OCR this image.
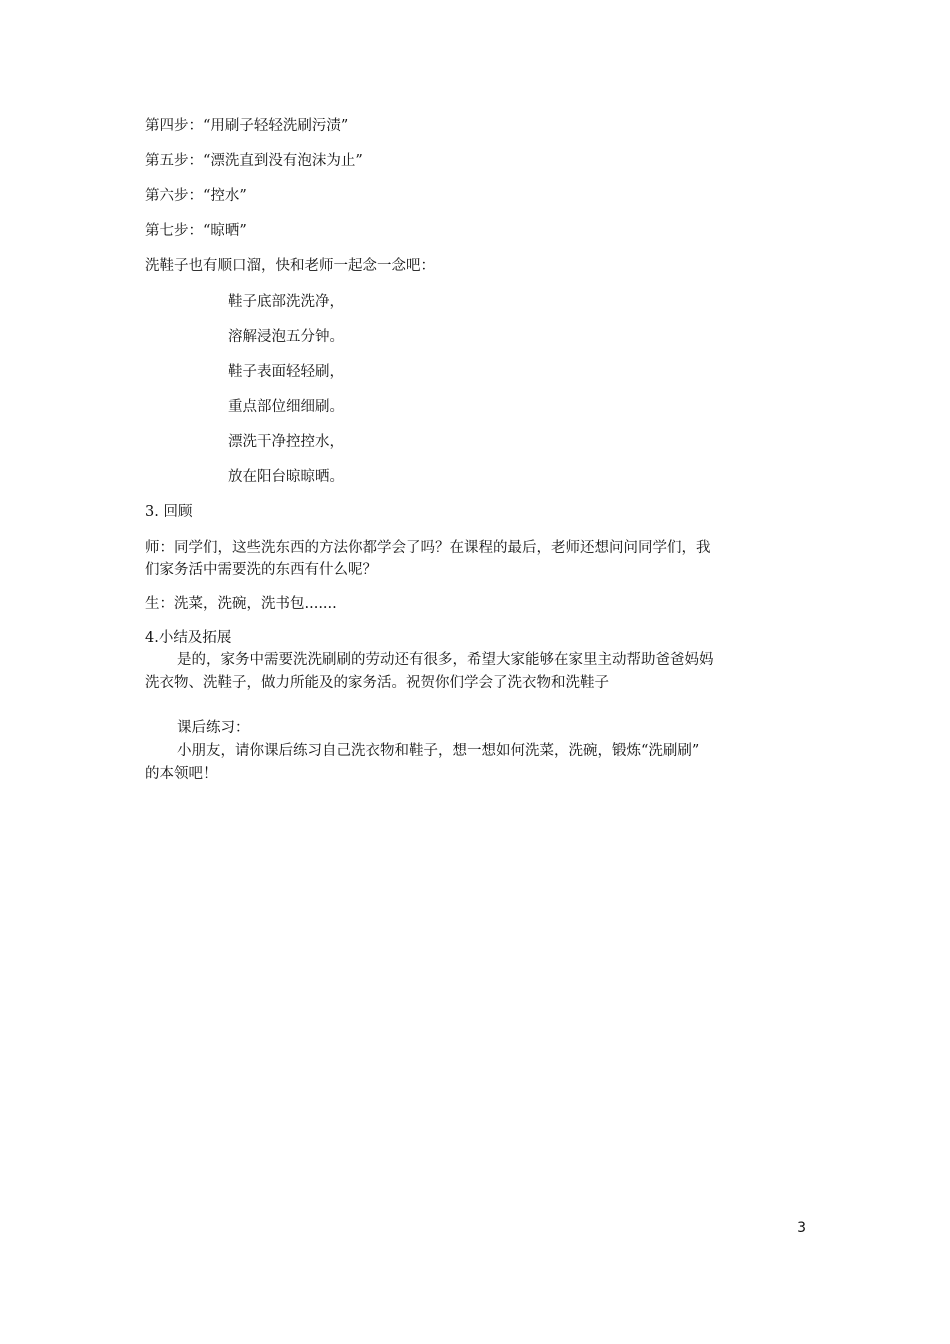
第四步：“用刷子轻轻洗刷污渍”
第五步：“漂洗直到没有泡沫为止”
第六步：“控水”
第七步：“晾晒”
洗鞋子也有顺口溜，快和老师一起念一念吧：
鞋子底部洗洗净，
溶解浸泡五分钟。
鞋子表面轻轻刷，
重点部位细细刷。
漂洗干净控控水，
放在阳台晾晾晒。
3. 回顾
师：同学们，这些洗东西的方法你都学会了吗？在课程的最后，老师还想问问同学们，我
们家务活中需要洗的东西有什么呢？
生：洗菜，洗碗，洗书包.......
4.小结及拓展
是的，家务中需要洗洗刷刷的劳动还有很多，希望大家能够在家里主动帮助爸爸妈妈
洗衣物、洗鞋子，做力所能及的家务活。祝贺你们学会了洗衣物和洗鞋子
课后练习：
小朋友，请你课后练习自己洗衣物和鞋子，想一想如何洗菜，洗碗，锻炼“洗刷刷”
的本领吧！
3
